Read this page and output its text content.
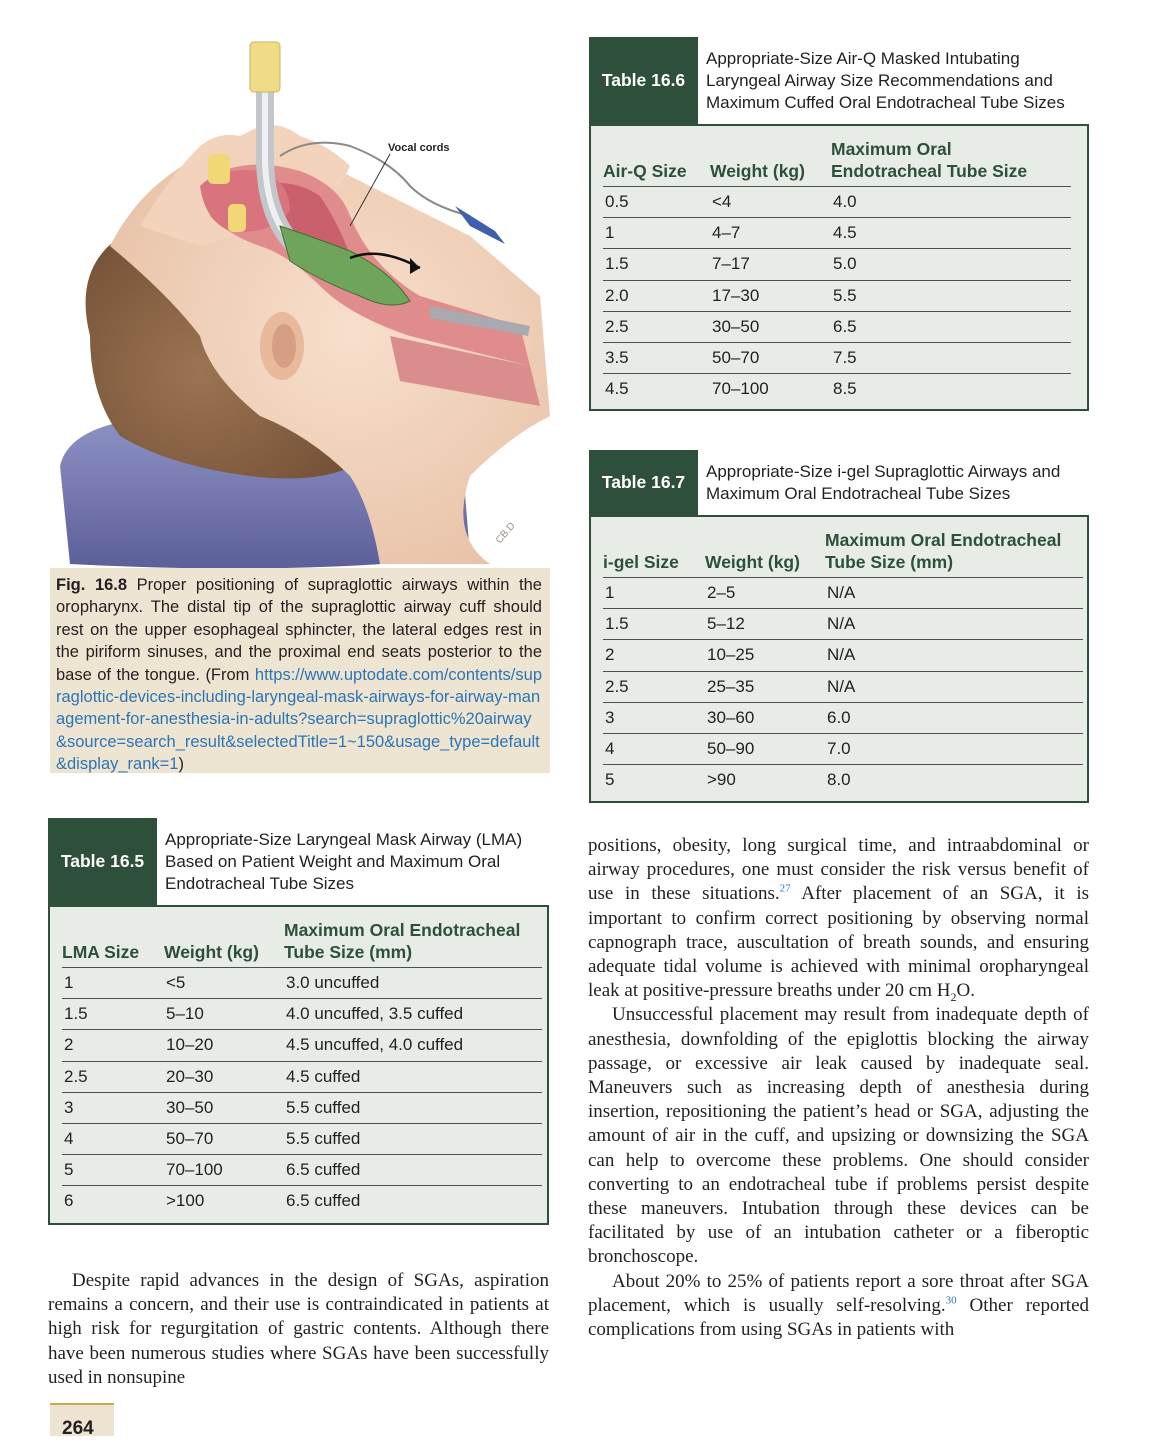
Vocal cords
CB.D
Fig. 16.8 Proper positioning of supraglottic airways within the oropharynx. The distal tip of the supraglottic airway cuff should rest on the upper esophageal sphincter, the lateral edges rest in the piriform sinuses, and the proximal end seats posterior to the base of the tongue. (From https://www.uptodate.com/contents/supraglottic-devices-including-laryngeal-mask-airways-for-airway-management-for-anesthesia-in-adults?search=supraglottic%20airway&source=search_result&selectedTitle=1~150&usage_type=default&display_rank=1)
Table 16.6
Appropriate-Size Air-Q Masked Intubating Laryngeal Airway Size Recommendations and Maximum Cuffed Oral Endotracheal Tube Sizes
Air-Q Size	Weight (kg)	Maximum Oral Endotracheal Tube Size
0.5	<4	4.0
1	4–7	4.5
1.5	7–17	5.0
2.0	17–30	5.5
2.5	30–50	6.5
3.5	50–70	7.5
4.5	70–100	8.5
Table 16.7
Appropriate-Size i-gel Supraglottic Airways and Maximum Oral Endotracheal Tube Sizes
i-gel Size	Weight (kg)	Maximum Oral Endotracheal Tube Size (mm)
1	2–5	N/A
1.5	5–12	N/A
2	10–25	N/A
2.5	25–35	N/A
3	30–60	6.0
4	50–90	7.0
5	>90	8.0
Table 16.5
Appropriate-Size Laryngeal Mask Airway (LMA) Based on Patient Weight and Maximum Oral Endotracheal Tube Sizes
LMA Size	Weight (kg)	Maximum Oral Endotracheal Tube Size (mm)
1	<5	3.0 uncuffed
1.5	5–10	4.0 uncuffed, 3.5 cuffed
2	10–20	4.5 uncuffed, 4.0 cuffed
2.5	20–30	4.5 cuffed
3	30–50	5.5 cuffed
4	50–70	5.5 cuffed
5	70–100	6.5 cuffed
6	>100	6.5 cuffed

Despite rapid advances in the design of SGAs, aspiration remains a concern, and their use is contraindicated in patients at high risk for regurgitation of gastric contents. Although there have been numerous studies where SGAs have been successfully used in nonsupine

positions, obesity, long surgical time, and intraabdominal or airway procedures, one must consider the risk versus benefit of use in these situations.$^{27}$ After placement of an SGA, it is important to confirm correct positioning by observing normal capnograph trace, auscultation of breath sounds, and ensuring adequate tidal volume is achieved with minimal oropharyngeal leak at positive-pressure breaths under 20 cm $H_2O$.

Unsuccessful placement may result from inadequate depth of anesthesia, downfolding of the epiglottis blocking the airway passage, or excessive air leak caused by inadequate seal. Maneuvers such as increasing depth of anesthesia during insertion, repositioning the patient’s head or SGA, adjusting the amount of air in the cuff, and upsizing or downsizing the SGA can help to overcome these problems. One should consider converting to an endotracheal tube if problems persist despite these maneuvers. Intubation through these devices can be facilitated by use of an intubation catheter or a fiberoptic bronchoscope.

About 20% to 25% of patients report a sore throat after SGA placement, which is usually self-resolving.$^{30}$ Other reported complications from using SGAs in patients with

264
